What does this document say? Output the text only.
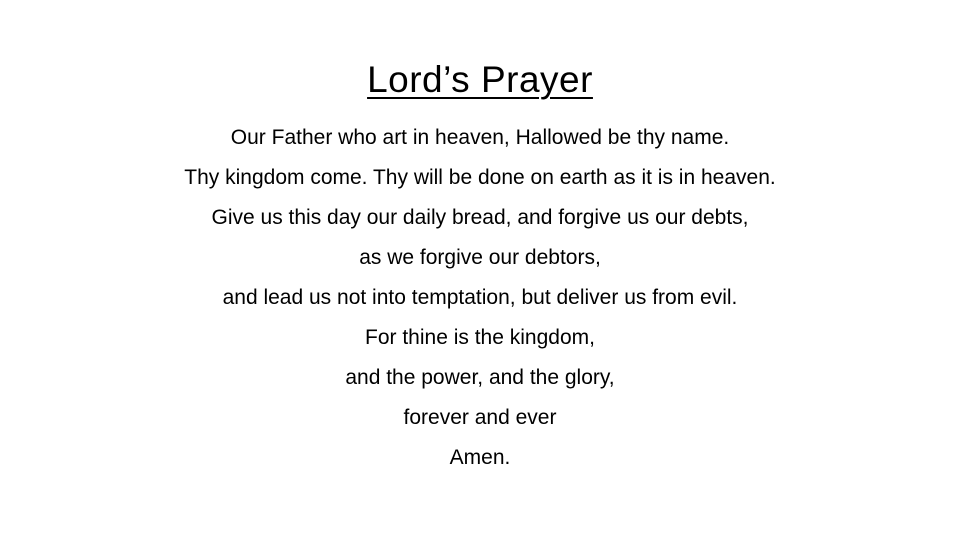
Lord’s Prayer
Our Father who art in heaven, Hallowed be thy name.
Thy kingdom come. Thy will be done on earth as it is in heaven.
Give us this day our daily bread, and forgive us our debts,
as we forgive our debtors,
and lead us not into temptation, but deliver us from evil.
For thine is the kingdom,
and the power, and the glory,
forever and ever
Amen.
